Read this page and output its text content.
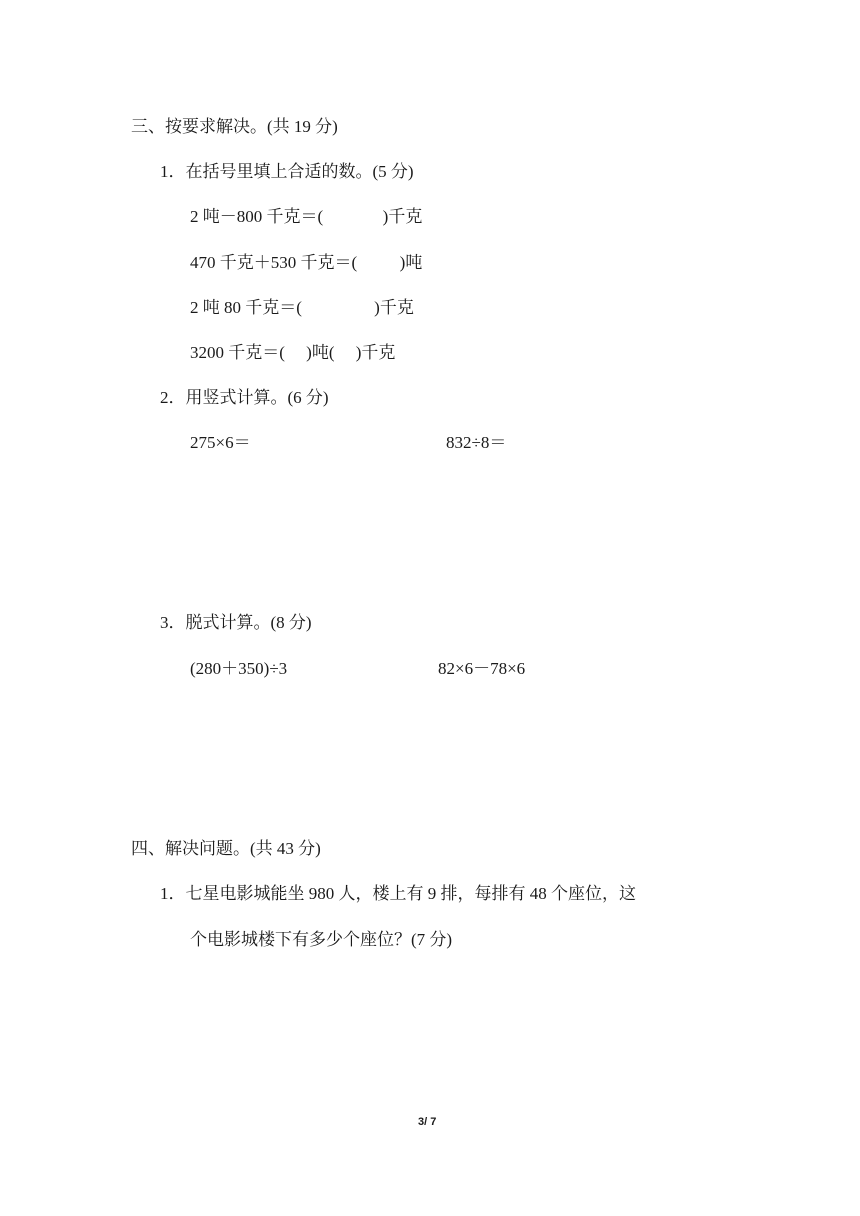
三、按要求解决。(共 19 分)
1．在括号里填上合适的数。(5 分)
2 吨－800 千克＝(              )千克
470 千克＋530 千克＝(          )吨
2 吨 80 千克＝(                 )千克
3200 千克＝(     )吨(     )千克
2．用竖式计算。(6 分)
275×6＝	832÷8＝
3．脱式计算。(8 分)
(280＋350)÷3	82×6－78×6
四、解决问题。(共 43 分)
1．七星电影城能坐 980 人，楼上有 9 排，每排有 48 个座位，这
个电影城楼下有多少个座位？(7 分)
3/ 7
